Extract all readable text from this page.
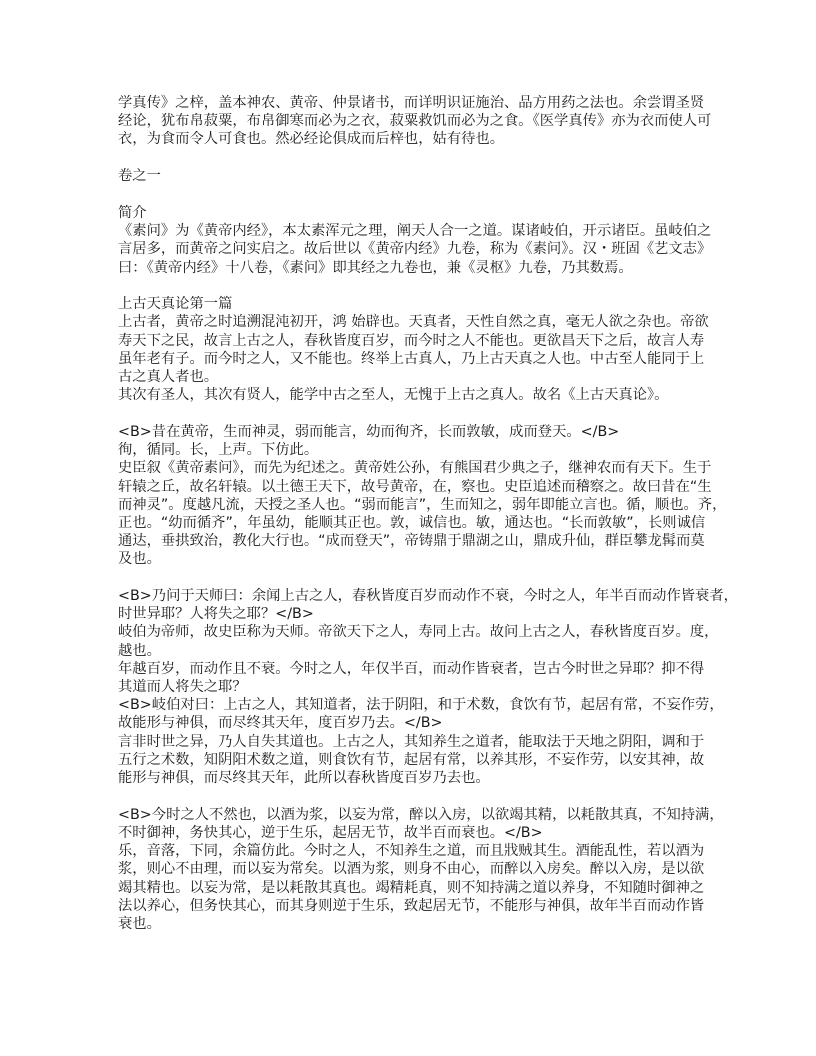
学真传》之梓，盖本神农、黄帝、仲景诸书，而详明识证施治、品方用药之法也。余尝谓圣贤
经论，犹布帛菽粟，布帛御寒而必为之衣，菽粟救饥而必为之食。《医学真传》亦为衣而使人可
衣，为食而令人可食也。然必经论俱成而后梓也，姑有待也。
卷之一
简介
《素问》为《黄帝内经》，本太素浑元之理，阐天人合一之道。谋诸岐伯，开示诸臣。虽岐伯之
言居多，而黄帝之问实启之。故后世以《黄帝内经》九卷，称为《素问》。汉・班固《艺文志》
曰：《黄帝内经》十八卷，《素问》即其经之九卷也，兼《灵枢》九卷，乃其数焉。
上古天真论第一篇
上古者，黄帝之时追溯混沌初开，鸿 始辟也。天真者，天性自然之真，毫无人欲之杂也。帝欲
寿天下之民，故言上古之人，春秋皆度百岁，而今时之人不能也。更欲昌天下之后，故言人寿
虽年老有子。而今时之人，又不能也。终举上古真人，乃上古天真之人也。中古至人能同于上
古之真人者也。
其次有圣人，其次有贤人，能学中古之至人，无愧于上古之真人。故名《上古天真论》。
<B>昔在黄帝，生而神灵，弱而能言，幼而徇齐，长而敦敏，成而登天。</B>
徇，循同。长，上声。下仿此。
史臣叙《黄帝素问》，而先为纪述之。黄帝姓公孙，有熊国君少典之子，继神农而有天下。生于
轩辕之丘，故名轩辕。以土德王天下，故号黄帝，在，察也。史臣追述而稽察之。故曰昔在“生
而神灵”。度越凡流，天授之圣人也。“弱而能言”，生而知之，弱年即能立言也。循，顺也。齐，
正也。“幼而循齐”，年虽幼，能顺其正也。敦，诚信也。敏，通达也。“长而敦敏”，长则诚信
通达，垂拱致治，教化大行也。“成而登天”，帝铸鼎于鼎湖之山，鼎成升仙，群臣攀龙髯而莫
及也。
<B>乃问于天师曰：余闻上古之人，春秋皆度百岁而动作不衰，今时之人，年半百而动作皆衰者，
时世异耶？人将失之耶？</B>
岐伯为帝师，故史臣称为天师。帝欲天下之人，寿同上古。故问上古之人，春秋皆度百岁。度，
越也。
年越百岁，而动作且不衰。今时之人，年仅半百，而动作皆衰者，岂古今时世之异耶？抑不得
其道而人将失之耶？
<B>岐伯对曰：上古之人，其知道者，法于阴阳，和于术数，食饮有节，起居有常，不妄作劳，
故能形与神俱，而尽终其天年，度百岁乃去。</B>
言非时世之异，乃人自失其道也。上古之人，其知养生之道者，能取法于天地之阴阳，调和于
五行之术数，知阴阳术数之道，则食饮有节，起居有常，以养其形，不妄作劳，以安其神，故
能形与神俱，而尽终其天年，此所以春秋皆度百岁乃去也。
<B>今时之人不然也，以酒为浆，以妄为常，醉以入房，以欲竭其精，以耗散其真，不知持满，
不时御神，务快其心，逆于生乐，起居无节，故半百而衰也。</B>
乐，音落，下同，余篇仿此。今时之人，不知养生之道，而且戕贼其生。酒能乱性，若以酒为
浆，则心不由理，而以妄为常矣。以酒为浆，则身不由心，而醉以入房矣。醉以入房，是以欲
竭其精也。以妄为常，是以耗散其真也。竭精耗真，则不知持满之道以养身，不知随时御神之
法以养心，但务快其心，而其身则逆于生乐，致起居无节，不能形与神俱，故年半百而动作皆
衰也。
